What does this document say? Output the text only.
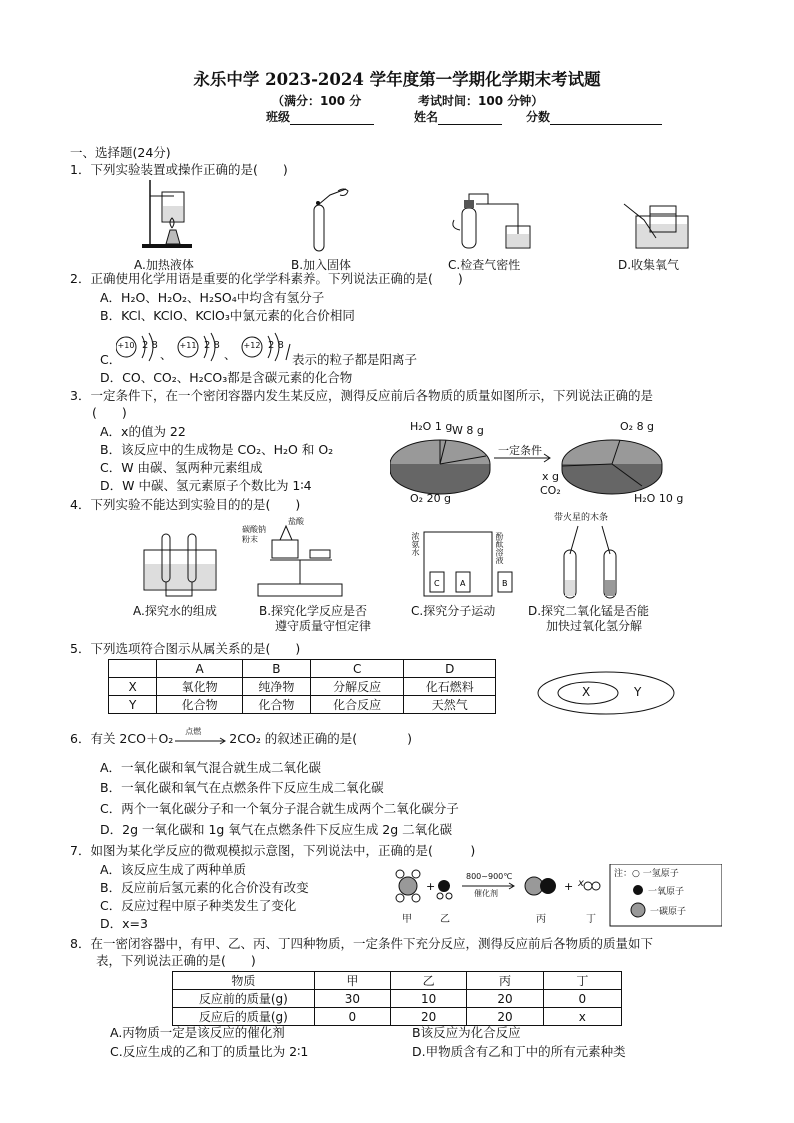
永乐中学 2023-2024 学年度第一学期化学期末考试题
（满分：100 分	考试时间：100 分钟）
班级	姓名	分数
一、选择题(24分)
1．下列实验装置或操作正确的是(　　)
A.加热液体	B.加入固体	C.检查气密性	D.收集氧气
2．正确使用化学用语是重要的化学学科素养。下列说法正确的是(　　)
A．H₂O、H₂O₂、H₂SO₄中均含有氢分子
B．KCl、KClO、KClO₃中氯元素的化合价相同
C．
+10 2 8
、
+11 2 8
、
+12 2 8
表示的粒子都是阳离子
D．CO、CO₂、H₂CO₃都是含碳元素的化合物
3．一定条件下，在一个密闭容器内发生某反应，测得反应前后各物质的质量如图所示，下列说法正确的是
(　　)
A．x的值为 22
B．该反应中的生成物是 CO₂、H₂O 和 O₂
C．W 由碳、氢两种元素组成
D．W 中碳、氢元素原子个数比为 1∶4
H₂O 1 g W 8 g
O₂ 20 g
一定条件
O₂ 8 g
x g
CO₂
H₂O 10 g
4．下列实验不能达到实验目的的是(　　)
碳酸钠
粉末
盐酸
C	A	B
浓氨水	酚酞溶液
带火星的木条
A.探究水的组成	B.探究化学反应是否
遵守质量守恒定律
C.探究分子运动	D.探究二氧化锰是否能
加快过氧化氢分解
5．下列选项符合图示从属关系的是(　　)
	A	B	C	D
X	氧化物	纯净物	分解反应	化石燃料
Y	化合物	化合物	化合反应	天然气
X	Y
6．有关 2CO＋O₂ 点燃 2CO₂ 的叙述正确的是(　　　　)
A．一氧化碳和氧气混合就生成二氧化碳
B．一氧化碳和氧气在点燃条件下反应生成二氧化碳
C．两个一氧化碳分子和一个氧分子混合就生成两个二氧化碳分子
D．2g 一氧化碳和 1g 氧气在点燃条件下反应生成 2g 二氧化碳
7．如图为某化学反应的微观模拟示意图，下列说法中，正确的是(　　　)
A．该反应生成了两种单质
B．反应前后氢元素的化合价没有改变
C．反应过程中原子种类发生了变化
D．x=3
+	+
800~900℃
催化剂
x
甲	乙	丙	丁
注：○ 一氢原子
一氧原子
一碳原子
8．在一密闭容器中，有甲、乙、丙、丁四种物质，一定条件下充分反应，测得反应前后各物质的质量如下
表，下列说法正确的是(　　)
物质	甲	乙	丙	丁
反应前的质量(g)	30	10	20	0
反应后的质量(g)	0	20	20	x
A.丙物质一定是该反应的催化剂	B该反应为化合反应
C.反应生成的乙和丁的质量比为 2∶1	D.甲物质含有乙和丁中的所有元素种类
